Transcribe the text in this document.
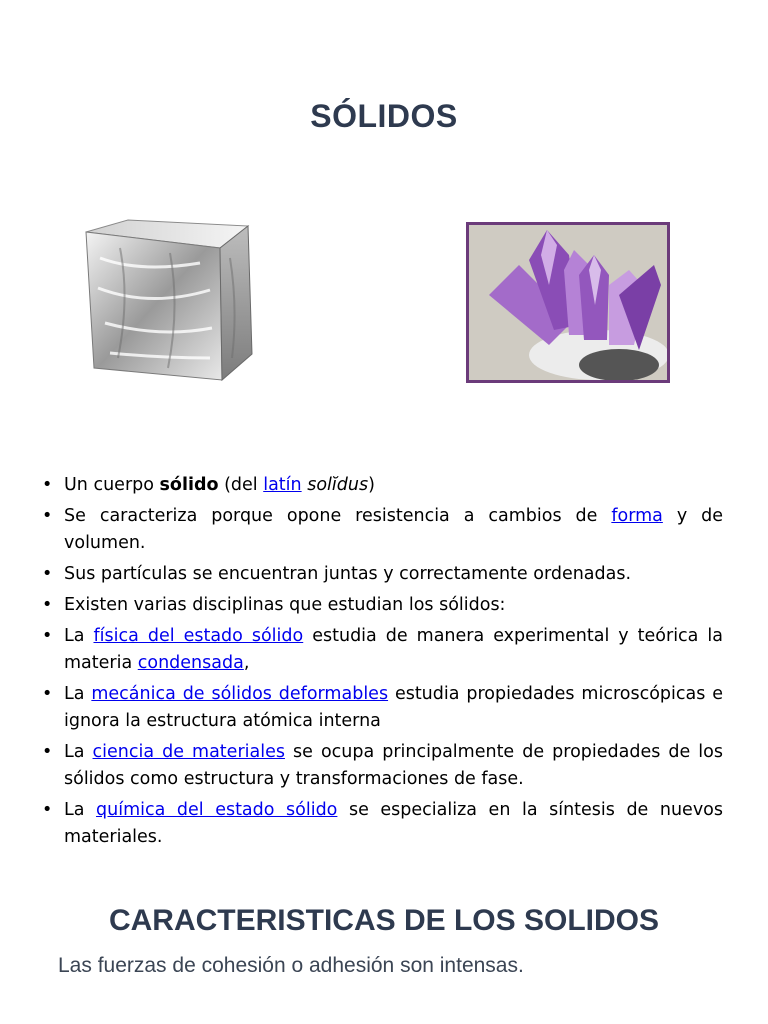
SÓLIDOS
• Un cuerpo sólido (del latín solĭdus)
• Se caracteriza porque opone resistencia a cambios de forma y de volumen.
• Sus partículas se encuentran juntas y correctamente ordenadas.
• Existen varias disciplinas que estudian los sólidos:
• La física del estado sólido estudia de manera experimental y teórica la materia condensada,
• La mecánica de sólidos deformables estudia propiedades microscópicas e ignora la estructura atómica interna
• La ciencia de materiales se ocupa principalmente de propiedades de los sólidos como estructura y transformaciones de fase.
• La química del estado sólido se especializa en la síntesis de nuevos materiales.
CARACTERISTICAS DE LOS SOLIDOS
Las fuerzas de cohesión o adhesión son intensas.
